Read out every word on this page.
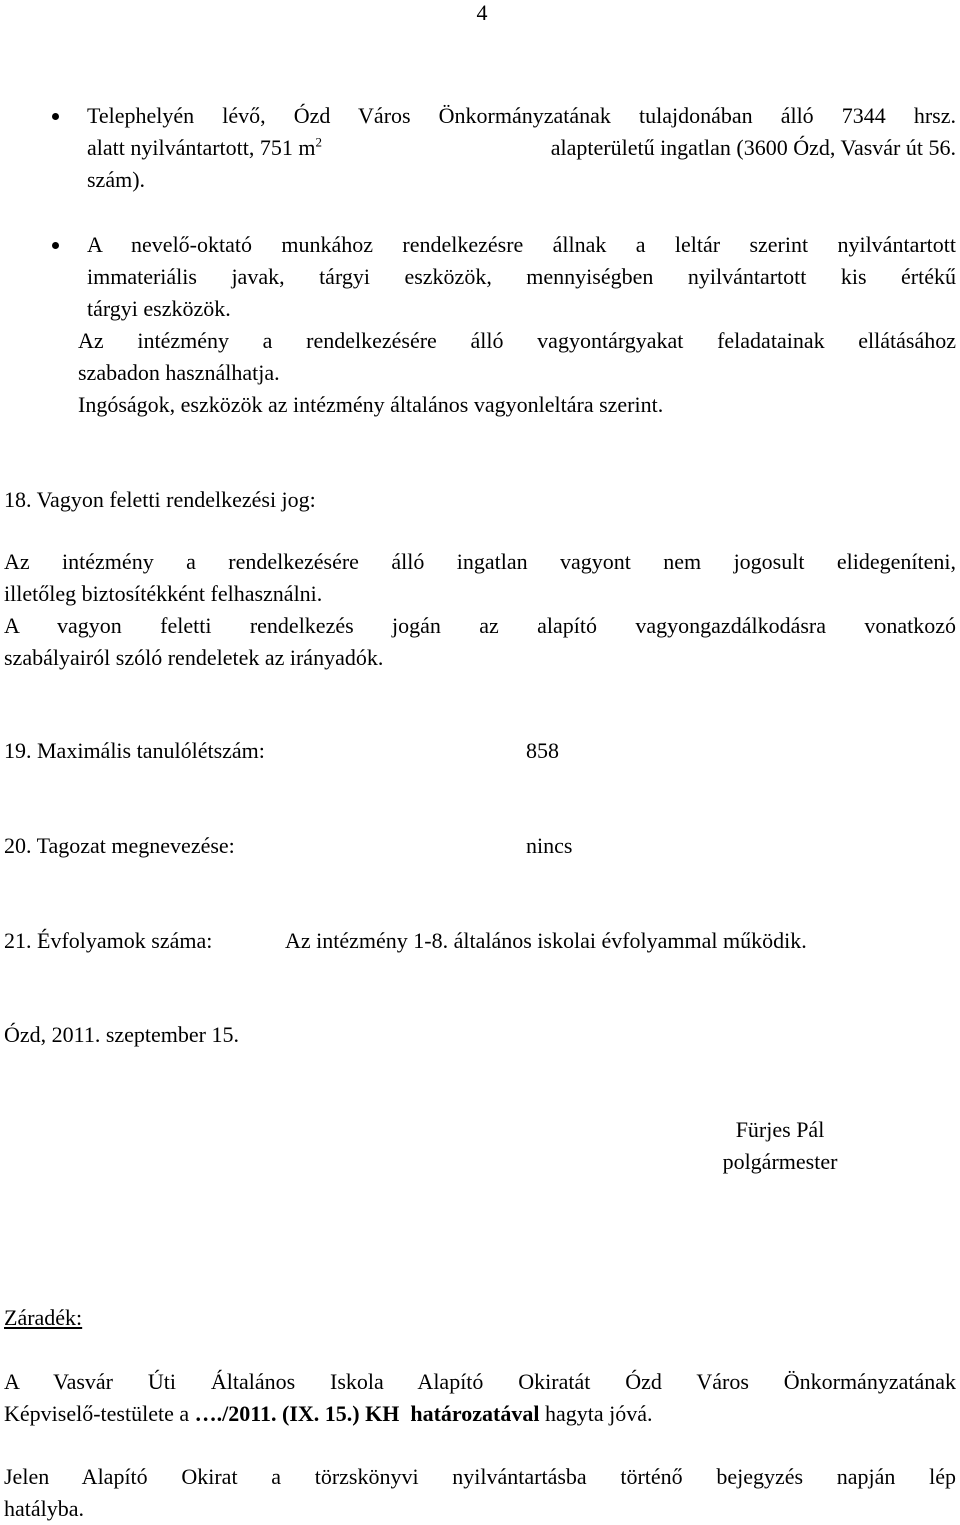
4
Telephelyén lévő, Ózd Város Önkormányzatának tulajdonában álló 7344 hrsz.
alatt nyilvántartott, 751 $m^2$	alapterületű ingatlan (3600 Ózd, Vasvár út 56.
szám).
A nevelő-oktató munkához rendelkezésre állnak a leltár szerint nyilvántartott
immateriális javak, tárgyi eszközök, mennyiségben nyilvántartott kis értékű
tárgyi eszközök.
Az intézmény a rendelkezésére álló vagyontárgyakat feladatainak ellátásához
szabadon használhatja.
Ingóságok, eszközök az intézmény általános vagyonleltára szerint.
18. Vagyon feletti rendelkezési jog:
Az intézmény a rendelkezésére álló ingatlan vagyont nem jogosult elidegeníteni,
illetőleg biztosítékként felhasználni.
A vagyon feletti rendelkezés jogán az alapító vagyongazdálkodásra vonatkozó
szabályairól szóló rendeletek az irányadók.
19. Maximális tanulólétszám:	858
20. Tagozat megnevezése:	nincs
21. Évfolyamok száma:	Az intézmény 1-8. általános iskolai évfolyammal működik.
Ózd, 2011. szeptember 15.
Fürjes Pál
polgármester
Záradék:
A Vasvár Úti Általános Iskola Alapító Okiratát Ózd Város Önkormányzatának
Képviselő-testülete a …./2011. (IX. 15.) KH  határozatával hagyta jóvá.
Jelen Alapító Okirat a törzskönyvi nyilvántartásba történő bejegyzés napján lép
hatályba.
